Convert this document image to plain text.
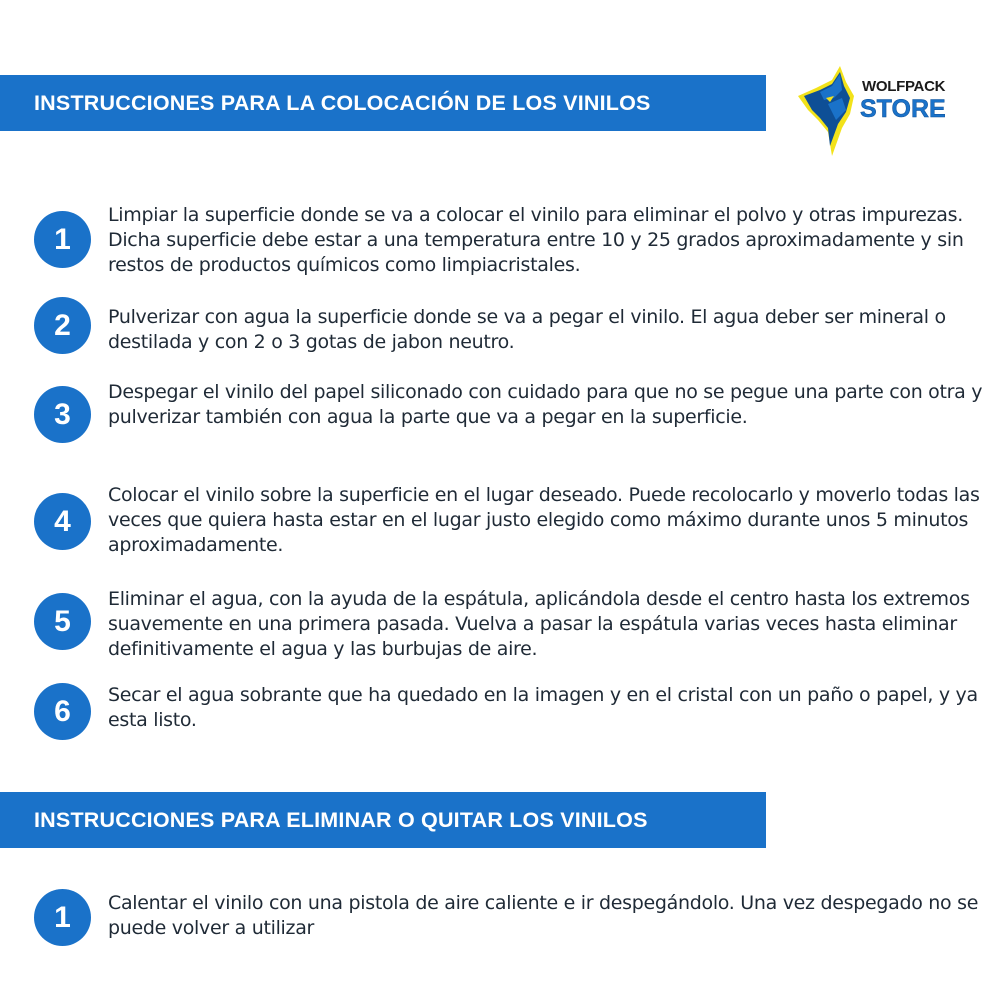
INSTRUCCIONES PARA LA COLOCACIÓN DE LOS VINILOS
WOLFPACK
STORE
1

Limpiar la superficie donde se va a colocar el vinilo para eliminar el polvo y otras impurezas. Dicha superficie debe estar a una temperatura entre 10 y 25 grados aproximadamente y sin restos de productos químicos como limpiacristales.

2	Pulverizar con agua la superficie donde se va a pegar el vinilo. El agua deber ser mineral o destilada y con 2 o 3 gotas de jabon neutro.

3

Despegar el vinilo del papel siliconado con cuidado para que no se pegue una parte con otra y pulverizar también con agua la parte que va a pegar en la superficie.

4

Colocar el vinilo sobre la superficie en el lugar deseado. Puede recolocarlo y moverlo todas las veces que quiera hasta estar en el lugar justo elegido como máximo durante unos 5 minutos aproximadamente.

5

Eliminar el agua, con la ayuda de la espátula, aplicándola desde el centro hasta los extremos suavemente en una primera pasada. Vuelva a pasar la espátula varias veces hasta eliminar definitivamente el agua y las burbujas de aire.

6	Secar el agua sobrante que ha quedado en la imagen y en el cristal con un paño o papel, y ya esta listo.

INSTRUCCIONES PARA ELIMINAR O QUITAR LOS VINILOS
1	Calentar el vinilo con una pistola de aire caliente e ir despegándolo. Una vez despegado no se puede volver a utilizar
